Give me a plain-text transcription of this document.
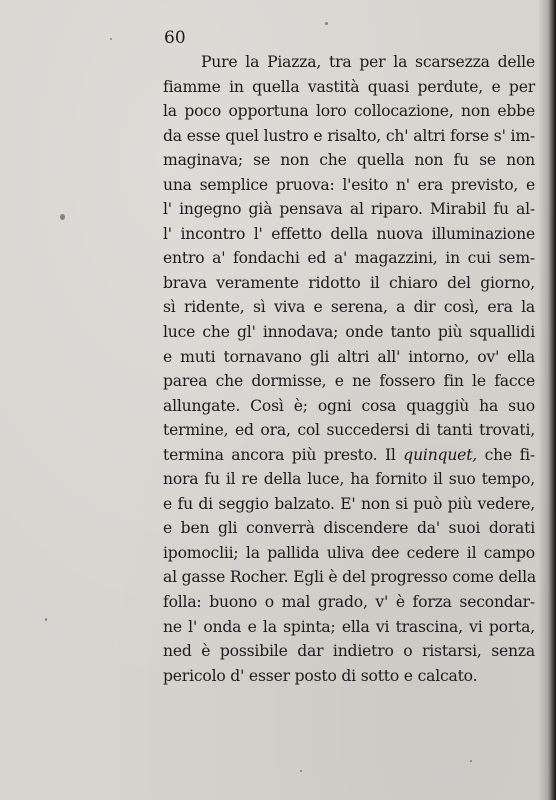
60
Pure la Piazza, tra per la scarsezza delle
fiamme in quella vastità quasi perdute, e per
la poco opportuna loro collocazione, non ebbe
da esse quel lustro e risalto, ch' altri forse s' im-
maginava; se non che quella non fu se non
una semplice pruova: l'esito n' era previsto, e
l' ingegno già pensava al riparo. Mirabil fu al-
l' incontro l' effetto della nuova illuminazione
entro a' fondachi ed a' magazzini, in cui sem-
brava veramente ridotto il chiaro del giorno,
sì ridente, sì viva e serena, a dir così, era la
luce che gl' innodava; onde tanto più squallidi
e muti tornavano gli altri all' intorno, ov' ella
parea che dormisse, e ne fossero fin le facce
allungate. Così è; ogni cosa quaggiù ha suo
termine, ed ora, col succedersi di tanti trovati,
termina ancora più presto. Il quinquet, che fi-
nora fu il re della luce, ha fornito il suo tempo,
e fu di seggio balzato. E' non si può più vedere,
e ben gli converrà discendere da' suoi dorati
ipomoclii; la pallida uliva dee cedere il campo
al gasse Rocher. Egli è del progresso come della
folla: buono o mal grado, v' è forza secondar-
ne l' onda e la spinta; ella vi trascina, vi porta,
ned è possibile dar indietro o ristarsi, senza
pericolo d' esser posto di sotto e calcato.
